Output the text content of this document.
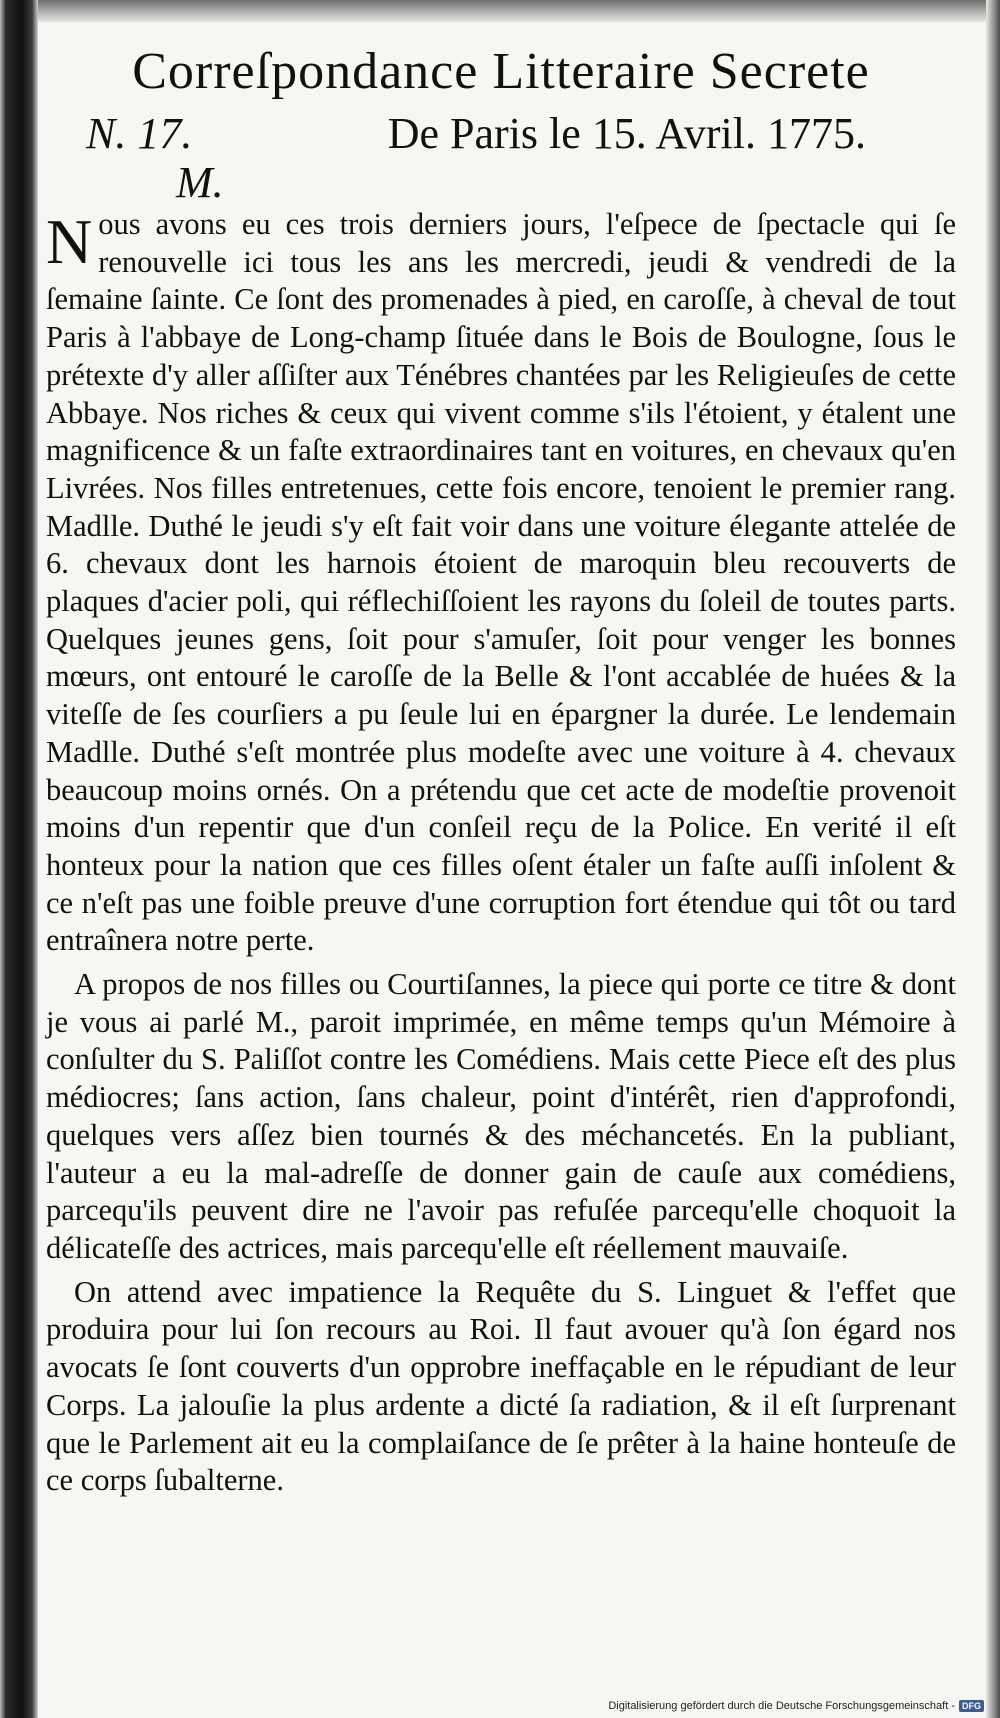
Correſpondance Litteraire Secrete
N. 17.	De Paris le 15. Avril. 1775.
M.

Nous avons eu ces trois derniers jours, l'eſpece de ſpectacle qui ſe renouvelle ici tous les ans les mercredi, jeudi & vendredi de la ſemaine ſainte. Ce ſont des promenades à pied, en caroſſe, à cheval de tout Paris à l'abbaye de Long-champ ſituée dans le Bois de Boulogne, ſous le prétexte d'y aller aſſiſter aux Ténébres chantées par les Religieuſes de cette Abbaye. Nos riches & ceux qui vivent comme s'ils l'étoient, y étalent une magnificence & un faſte extraordinaires tant en voitures, en chevaux qu'en Livrées. Nos filles entretenues, cette fois encore, tenoient le premier rang. Madlle. Duthé le jeudi s'y eſt fait voir dans une voiture élegante attelée de 6. chevaux dont les harnois étoient de maroquin bleu recouverts de plaques d'acier poli, qui réflechiſſoient les rayons du ſoleil de toutes parts. Quelques jeunes gens, ſoit pour s'amuſer, ſoit pour venger les bonnes mœurs, ont entouré le caroſſe de la Belle & l'ont accablée de huées & la viteſſe de ſes courſiers a pu ſeule lui en épargner la durée. Le lendemain Madlle. Duthé s'eſt montrée plus modeſte avec une voiture à 4. chevaux beaucoup moins ornés. On a prétendu que cet acte de modeſtie provenoit moins d'un repentir que d'un conſeil reçu de la Police. En verité il eſt honteux pour la nation que ces filles oſent étaler un faſte auſſi inſolent & ce n'eſt pas une foible preuve d'une corruption fort étendue qui tôt ou tard entraînera notre perte.

A propos de nos filles ou Courtiſannes, la piece qui porte ce titre & dont je vous ai parlé M., paroit imprimée, en même temps qu'un Mémoire à conſulter du S. Paliſſot contre les Comédiens. Mais cette Piece eſt des plus médiocres; ſans action, ſans chaleur, point d'intérêt, rien d'approfondi, quelques vers aſſez bien tournés & des méchancetés. En la publiant, l'auteur a eu la mal-adreſſe de donner gain de cauſe aux comédiens, parcequ'ils peuvent dire ne l'avoir pas refuſée parcequ'elle choquoit la délicateſſe des actrices, mais parcequ'elle eſt réellement mauvaiſe.

On attend avec impatience la Requête du S. Linguet & l'effet que produira pour lui ſon recours au Roi. Il faut avouer qu'à ſon égard nos avocats ſe ſont couverts d'un opprobre ineffaçable en le répudiant de leur Corps. La jalouſie la plus ardente a dicté ſa radiation, & il eſt ſurprenant que le Parlement ait eu la complaiſance de ſe prêter à la haine honteuſe de ce corps ſubalterne.

Digitalisierung gefördert durch die Deutsche Forschungsgemeinschaft - DFG
